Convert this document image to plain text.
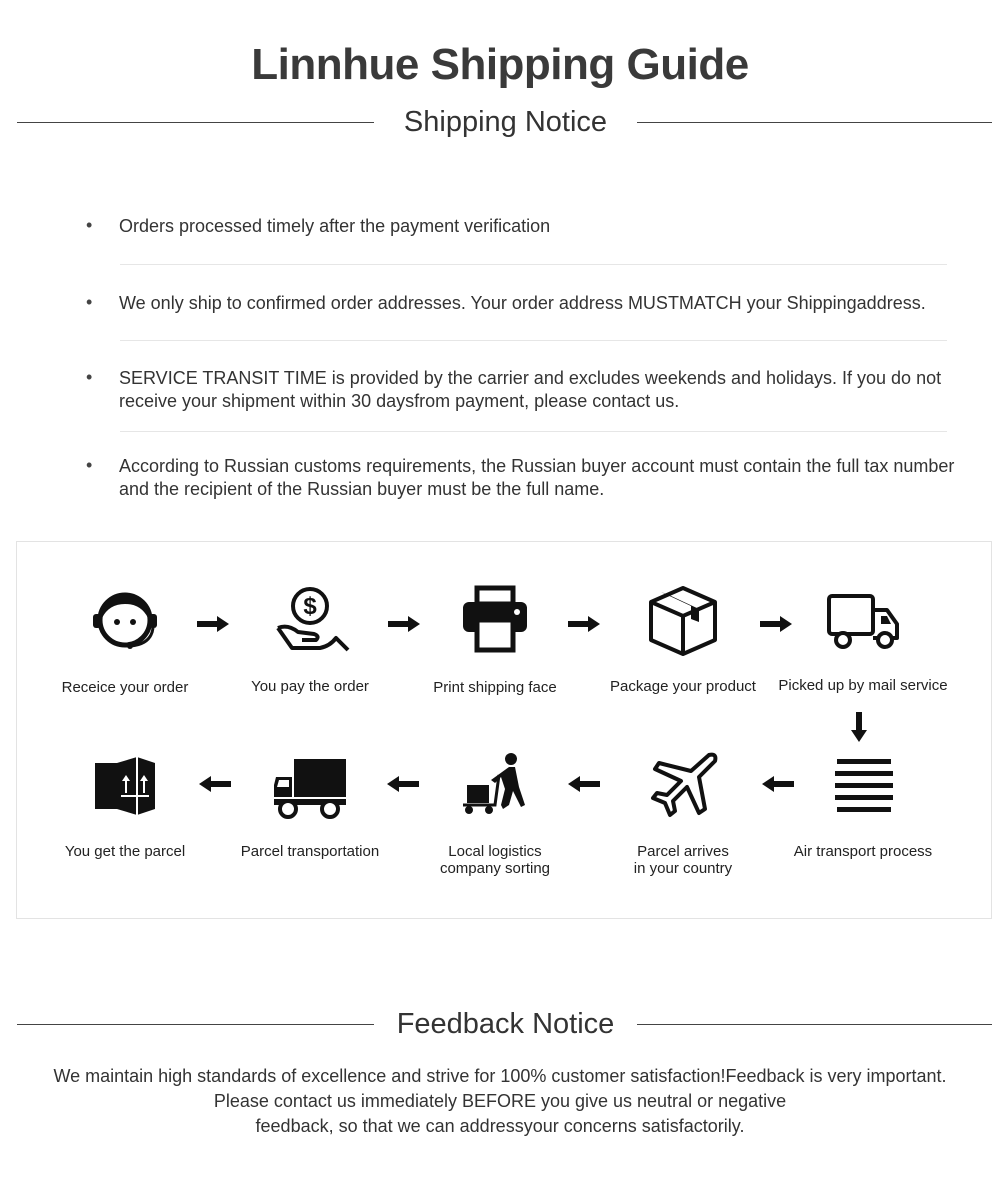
Linnhue Shipping Guide
Shipping Notice
• Orders processed timely after the payment verification

• We only ship to confirmed order addresses. Your order address MUSTMATCH your Shippingaddress.

• SERVICE TRANSIT TIME is provided by the carrier and excludes weekends and holidays. If you do not receive your shipment within 30 daysfrom payment, please contact us.

• According to Russian customs requirements, the Russian buyer account must contain the full tax number and the recipient of the Russian buyer must be the full name.

Receice your order
$
You pay the order	Print shipping face	Package your product	Picked up by mail service
Air transport process
Parcel arrives
in your country
Local logistics
company sorting
Parcel transportation
You get the parcel
Feedback Notice

We maintain high standards of excellence and strive for 100% customer satisfaction!Feedback is very important.
Please contact us immediately BEFORE you give us neutral or negative
feedback, so that we can addressyour concerns satisfactorily.
